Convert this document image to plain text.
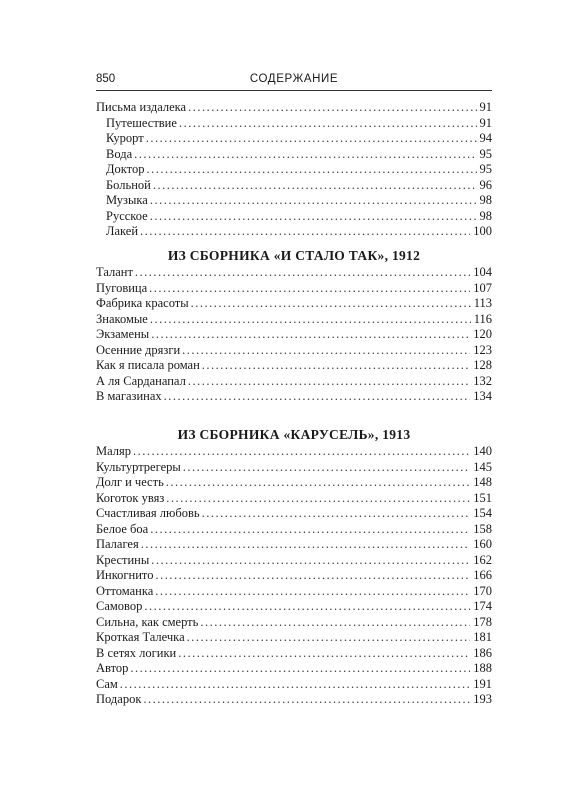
850	СОДЕРЖАНИЕ
Письма издалека .....	91
Путешествие .....	91
Курорт .....	94
Вода .....	95
Доктор .....	95
Больной .....	96
Музыка .....	98
Русское .....	98
Лакей .....	100
ИЗ СБОРНИКА «И СТАЛО ТАК», 1912
Талант .....	104
Пуговица .....	107
Фабрика красоты .....	113
Знакомые .....	116
Экзамены .....	120
Осенние дрязги .....	123
Как я писала роман .....	128
А ля Сарданапал .....	132
В магазинах .....	134
ИЗ СБОРНИКА «КАРУСЕЛЬ», 1913
Маляр .....	140
Культуртрегеры .....	145
Долг и честь .....	148
Коготок увяз .....	151
Счастливая любовь .....	154
Белое боа .....	158
Палагея .....	160
Крестины .....	162
Инкогнито .....	166
Оттоманка .....	170
Самовор .....	174
Сильна, как смерть .....	178
Кроткая Талечка .....	181
В сетях логики .....	186
Автор .....	188
Сам .....	191
Подарок .....	193
